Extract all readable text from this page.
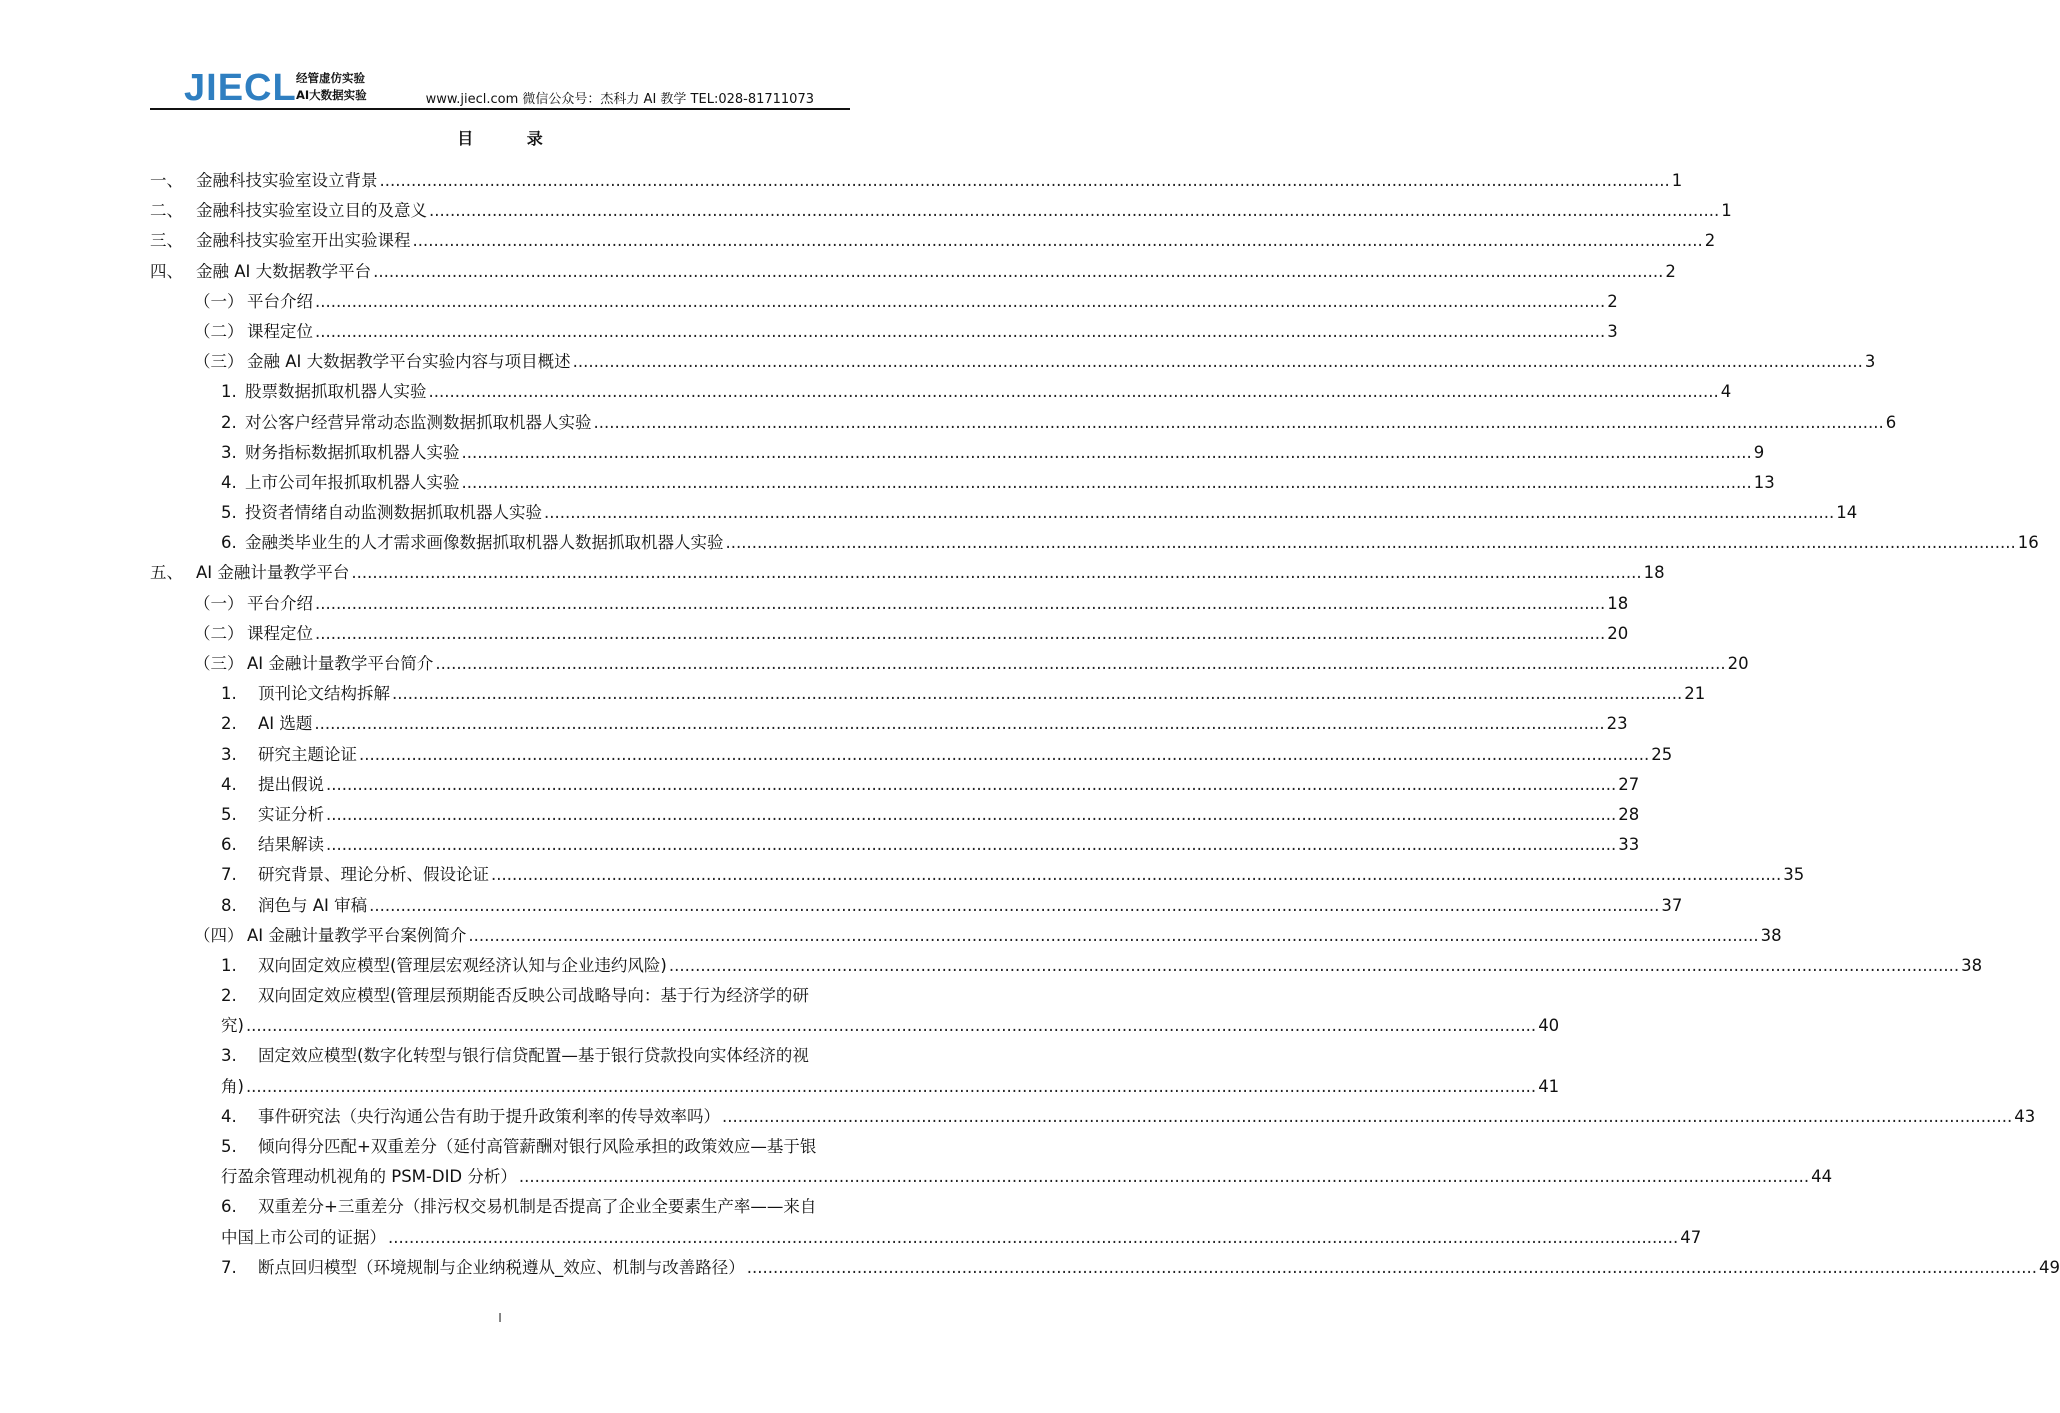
JIECL 经管虚仿实验
AI大数据实验	www.jiecl.com 微信公众号：杰科力 AI 教学 TEL:028-81711073
目 录
一、 金融科技实验室设立背景 .....	1
二、 金融科技实验室设立目的及意义 .....	1
三、 金融科技实验室开出实验课程 .....	2
四、 金融 AI 大数据教学平台 .....	2
（一） 平台介绍 .....	2
（二） 课程定位 .....	3
（三） 金融 AI 大数据教学平台实验内容与项目概述 .....	3
1. 股票数据抓取机器人实验 .....	4
2. 对公客户经营异常动态监测数据抓取机器人实验 .....	6
3. 财务指标数据抓取机器人实验 .....	9
4. 上市公司年报抓取机器人实验 .....	13
5. 投资者情绪自动监测数据抓取机器人实验 .....	14
6. 金融类毕业生的人才需求画像数据抓取机器人数据抓取机器人实验 .....	16
五、 AI 金融计量教学平台 .....	18
（一） 平台介绍 .....	18
（二） 课程定位 .....	20
（三） AI 金融计量教学平台简介 .....	20
1.	顶刊论文结构拆解 .....	21
2.	AI 选题 .....	23
3.	研究主题论证 .....	25
4.	提出假说 .....	27
5.	实证分析 .....	28
6.	结果解读 .....	33
7.	研究背景、理论分析、假设论证 .....	35
8.	润色与 AI 审稿 .....	37
（四） AI 金融计量教学平台案例简介 .....	38
1.	双向固定效应模型(管理层宏观经济认知与企业违约风险) .....	38
2.	双向固定效应模型(管理层预期能否反映公司战略导向：基于行为经济学的研
究) .....	40
3.	固定效应模型(数字化转型与银行信贷配置—基于银行贷款投向实体经济的视
角) .....	41
4.	事件研究法（央行沟通公告有助于提升政策利率的传导效率吗） .....	43
5.	倾向得分匹配+双重差分（延付高管薪酬对银行风险承担的政策效应—基于银
行盈余管理动机视角的 PSM-DID 分析） .....	44
6.	双重差分+三重差分（排污权交易机制是否提高了企业全要素生产率——来自
中国上市公司的证据） .....	47
7.	断点回归模型（环境规制与企业纳税遵从_效应、机制与改善路径） .....	49
I
